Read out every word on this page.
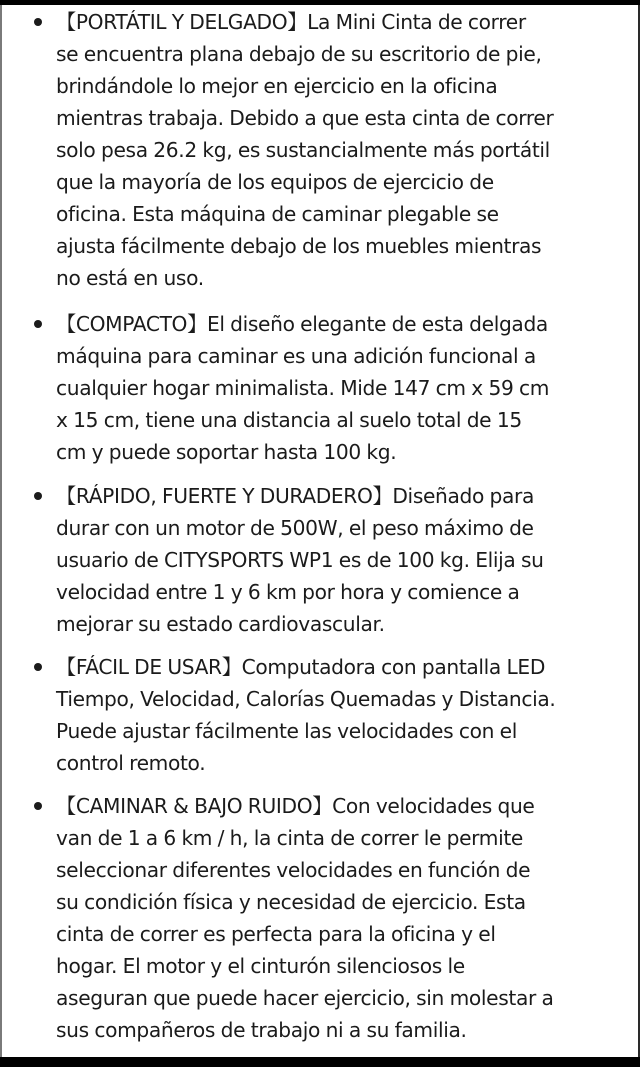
【PORTÁTIL Y DELGADO】La Mini Cinta de correr
se encuentra plana debajo de su escritorio de pie,
brindándole lo mejor en ejercicio en la oficina
mientras trabaja. Debido a que esta cinta de correr
solo pesa 26.2 kg, es sustancialmente más portátil
que la mayoría de los equipos de ejercicio de
oficina. Esta máquina de caminar plegable se
ajusta fácilmente debajo de los muebles mientras
no está en uso.
【COMPACTO】El diseño elegante de esta delgada
máquina para caminar es una adición funcional a
cualquier hogar minimalista. Mide 147 cm x 59 cm
x 15 cm, tiene una distancia al suelo total de 15
cm y puede soportar hasta 100 kg.
【RÁPIDO, FUERTE Y DURADERO】Diseñado para
durar con un motor de 500W, el peso máximo de
usuario de CITYSPORTS WP1 es de 100 kg. Elija su
velocidad entre 1 y 6 km por hora y comience a
mejorar su estado cardiovascular.
【FÁCIL DE USAR】Computadora con pantalla LED
Tiempo, Velocidad, Calorías Quemadas y Distancia.
Puede ajustar fácilmente las velocidades con el
control remoto.
【CAMINAR & BAJO RUIDO】Con velocidades que
van de 1 a 6 km / h, la cinta de correr le permite
seleccionar diferentes velocidades en función de
su condición física y necesidad de ejercicio. Esta
cinta de correr es perfecta para la oficina y el
hogar. El motor y el cinturón silenciosos le
aseguran que puede hacer ejercicio, sin molestar a
sus compañeros de trabajo ni a su familia.
